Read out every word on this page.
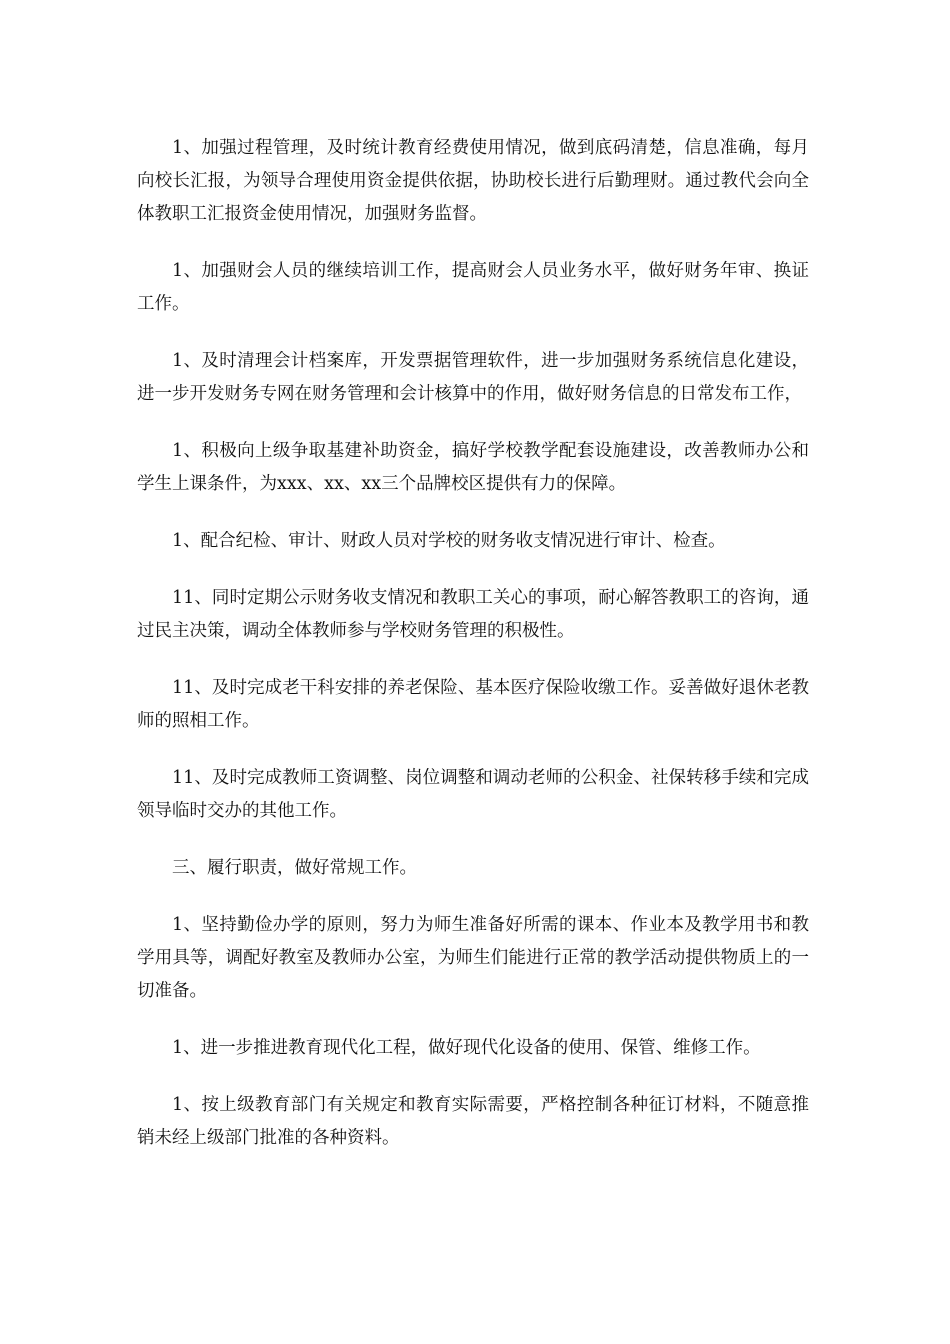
1、加强过程管理，及时统计教育经费使用情况，做到底码清楚，信息准确，每月向校长汇报，为领导合理使用资金提供依据，协助校长进行后勤理财。通过教代会向全体教职工汇报资金使用情况，加强财务监督。

1、加强财会人员的继续培训工作，提高财会人员业务水平，做好财务年审、换证工作。

1、及时清理会计档案库，开发票据管理软件，进一步加强财务系统信息化建设，进一步开发财务专网在财务管理和会计核算中的作用，做好财务信息的日常发布工作，

1、积极向上级争取基建补助资金，搞好学校教学配套设施建设，改善教师办公和学生上课条件，为xxx、xx、xx三个品牌校区提供有力的保障。

1、配合纪检、审计、财政人员对学校的财务收支情况进行审计、检查。

11、同时定期公示财务收支情况和教职工关心的事项，耐心解答教职工的咨询，通过民主决策，调动全体教师参与学校财务管理的积极性。

11、及时完成老干科安排的养老保险、基本医疗保险收缴工作。妥善做好退休老教师的照相工作。

11、及时完成教师工资调整、岗位调整和调动老师的公积金、社保转移手续和完成领导临时交办的其他工作。

三、履行职责，做好常规工作。

1、坚持勤俭办学的原则，努力为师生准备好所需的课本、作业本及教学用书和教学用具等，调配好教室及教师办公室，为师生们能进行正常的教学活动提供物质上的一切准备。

1、进一步推进教育现代化工程，做好现代化设备的使用、保管、维修工作。

1、按上级教育部门有关规定和教育实际需要，严格控制各种征订材料，不随意推销未经上级部门批准的各种资料。
